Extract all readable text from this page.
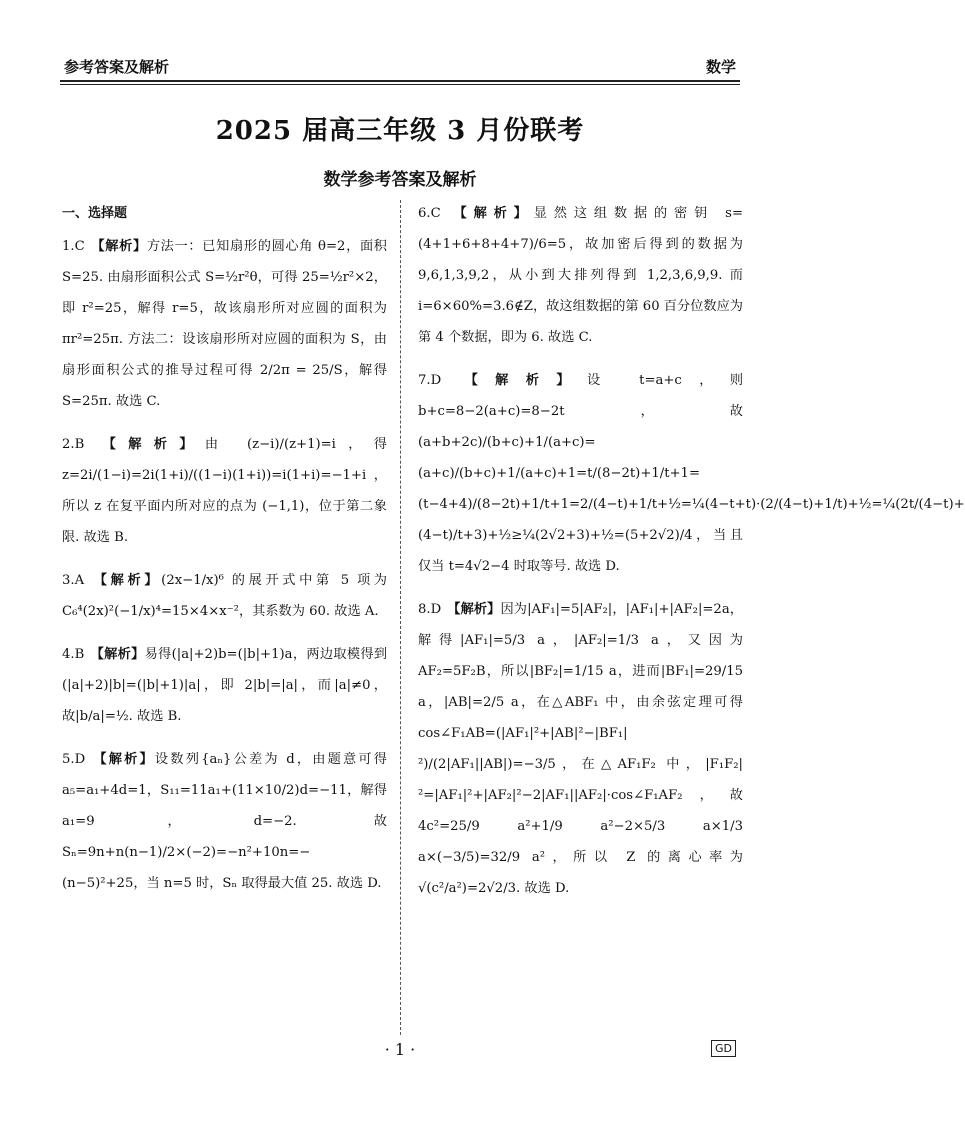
参考答案及解析	数学
2025 届高三年级 3 月份联考
数学参考答案及解析
一、选择题
1.C 【解析】方法一：已知扇形的圆心角 θ=2，面积 S=25. 由扇形面积公式 S=½r²θ，可得 25=½r²×2，即 r²=25，解得 r=5，故该扇形所对应圆的面积为 πr²=25π. 方法二：设该扇形所对应圆的面积为 S，由扇形面积公式的推导过程可得 2/2π = 25/S，解得 S=25π. 故选 C.
2.B 【解析】由 (z−i)/(z+1)=i，得 z=2i/(1−i)=2i(1+i)/((1−i)(1+i))=i(1+i)=−1+i，所以 z 在复平面内所对应的点为 (−1,1)，位于第二象限. 故选 B.
3.A 【解析】(2x−1/x)⁶ 的展开式中第 5 项为 C₆⁴(2x)²(−1/x)⁴=15×4×x⁻²，其系数为 60. 故选 A.
4.B 【解析】易得(|a|+2)b=(|b|+1)a，两边取模得到(|a|+2)|b|=(|b|+1)|a|，即 2|b|=|a|，而|a|≠0，故|b/a|=½. 故选 B.
5.D 【解析】设数列{aₙ}公差为 d，由题意可得 a₅=a₁+4d=1，S₁₁=11a₁+(11×10/2)d=−11，解得 a₁=9，d=−2. 故 Sₙ=9n+n(n−1)/2×(−2)=−n²+10n=−(n−5)²+25，当 n=5 时，Sₙ 取得最大值 25. 故选 D.
6.C 【解析】显然这组数据的密钥 s=(4+1+6+8+4+7)/6=5，故加密后得到的数据为 9,6,1,3,9,2，从小到大排列得到 1,2,3,6,9,9. 而 i=6×60%=3.6∉Z，故这组数据的第 60 百分位数应为第 4 个数据，即为 6. 故选 C.
7.D 【解析】设 t=a+c，则 b+c=8−2(a+c)=8−2t，故 (a+b+2c)/(b+c)+1/(a+c)=(a+c)/(b+c)+1/(a+c)+1=t/(8−2t)+1/t+1=(t−4+4)/(8−2t)+1/t+1=2/(4−t)+1/t+½=¼(4−t+t)·(2/(4−t)+1/t)+½=¼(2t/(4−t)+(4−t)/t+3)+½≥¼(2√2+3)+½=(5+2√2)/4，当且仅当 t=4√2−4 时取等号. 故选 D.
8.D 【解析】因为|AF₁|=5|AF₂|，|AF₁|+|AF₂|=2a，解得|AF₁|=5/3 a，|AF₂|=1/3 a，又因为 AF₂=5F₂B，所以|BF₂|=1/15 a，进而|BF₁|=29/15 a，|AB|=2/5 a，在△ABF₁ 中，由余弦定理可得 cos∠F₁AB=(|AF₁|²+|AB|²−|BF₁|²)/(2|AF₁||AB|)=−3/5，在△AF₁F₂ 中，|F₁F₂|²=|AF₁|²+|AF₂|²−2|AF₁||AF₂|·cos∠F₁AF₂，故 4c²=25/9 a²+1/9 a²−2×5/3 a×1/3 a×(−3/5)=32/9 a²，所以 Z 的离心率为 √(c²/a²)=2√2/3. 故选 D.
· 1 ·	GD
